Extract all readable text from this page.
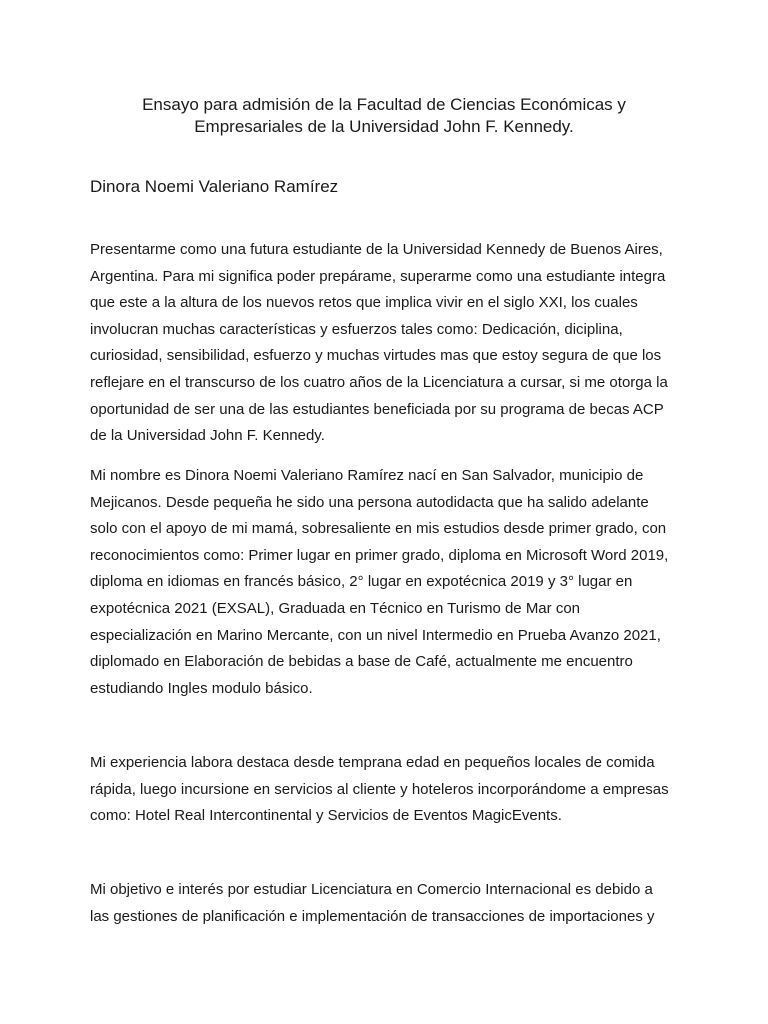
Ensayo para admisión de la Facultad de Ciencias Económicas y
Empresariales de la Universidad John F. Kennedy.

Dinora Noemi Valeriano Ramírez

Presentarme como una futura estudiante de la Universidad Kennedy de Buenos Aires,
Argentina. Para mi significa poder prepárame, superarme como una estudiante integra
que este a la altura de los nuevos retos que implica vivir en el siglo XXI, los cuales
involucran muchas características y esfuerzos tales como: Dedicación, diciplina,
curiosidad, sensibilidad, esfuerzo y muchas virtudes mas que estoy segura de que los
reflejare en el transcurso de los cuatro años de la Licenciatura a cursar, si me otorga la
oportunidad de ser una de las estudiantes beneficiada por su programa de becas ACP
de la Universidad John F. Kennedy.
Mi nombre es Dinora Noemi Valeriano Ramírez nací en San Salvador, municipio de
Mejicanos. Desde pequeña he sido una persona autodidacta que ha salido adelante
solo con el apoyo de mi mamá, sobresaliente en mis estudios desde primer grado, con
reconocimientos como: Primer lugar en primer grado, diploma en Microsoft Word 2019,
diploma en idiomas en francés básico, 2° lugar en expotécnica 2019 y 3° lugar en
expotécnica 2021 (EXSAL), Graduada en Técnico en Turismo de Mar con
especialización en Marino Mercante, con un nivel Intermedio en Prueba Avanzo 2021,
diplomado en Elaboración de bebidas a base de Café, actualmente me encuentro
estudiando Ingles modulo básico.
Mi experiencia labora destaca desde temprana edad en pequeños locales de comida
rápida, luego incursione en servicios al cliente y hoteleros incorporándome a empresas
como: Hotel Real Intercontinental y Servicios de Eventos MagicEvents.
Mi objetivo e interés por estudiar Licenciatura en Comercio Internacional es debido a
las gestiones de planificación e implementación de transacciones de importaciones y
